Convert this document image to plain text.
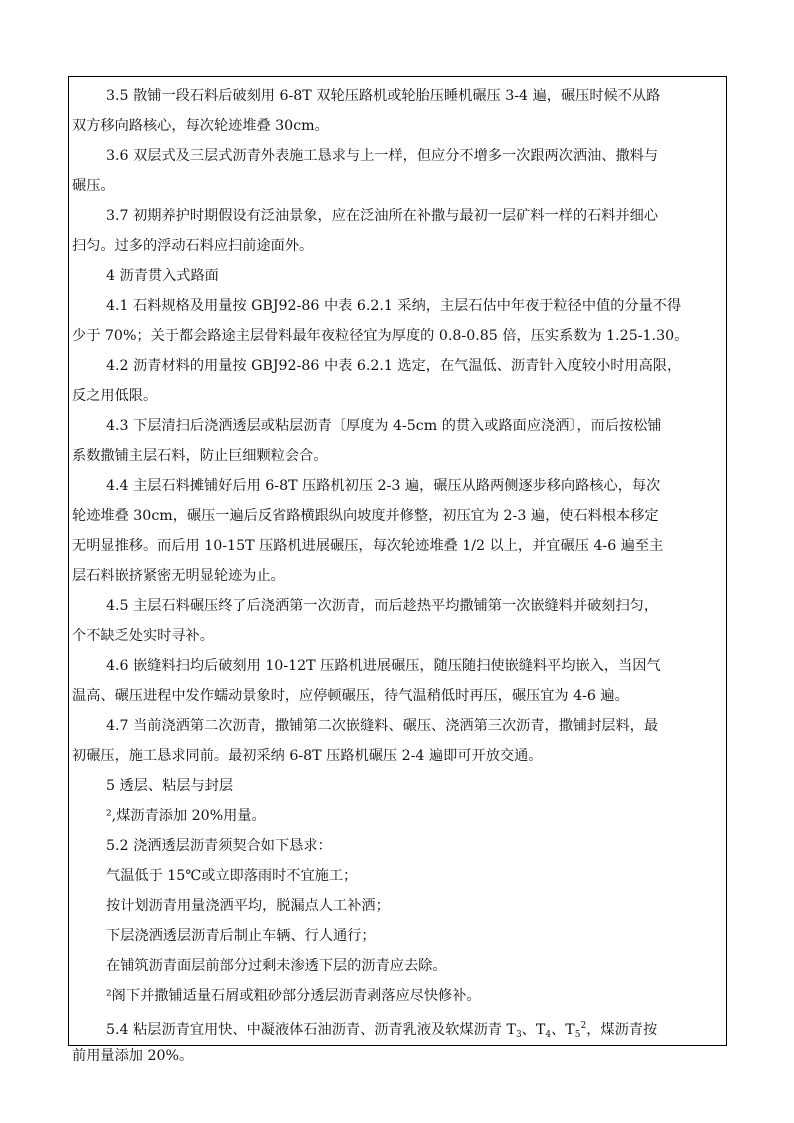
3.5 散铺一段石料后破刻用 6-8T 双轮压路机或轮胎压睡机碾压 3-4 遍，碾压时候不从路
双方移向路核心，每次轮迹堆叠 30cm。
3.6 双层式及三层式沥青外表施工恳求与上一样，但应分不增多一次跟两次洒油、撒料与
碾压。
3.7 初期养护时期假设有泛油景象，应在泛油所在补撒与最初一层矿料一样的石料并细心
扫匀。过多的浮动石料应扫前途面外。
4 沥青贯入式路面
4.1 石料规格及用量按 GBJ92-86 中表 6.2.1 采纳，主层石估中年夜于粒径中值的分量不得
少于 70%；关于都会路途主层骨料最年夜粒径宜为厚度的 0.8-0.85 倍，压实系数为 1.25-1.30。
4.2 沥青材料的用量按 GBJ92-86 中表 6.2.1 选定，在气温低、沥青针入度较小时用高限，
反之用低限。
4.3 下层清扫后浇洒透层或粘层沥青〔厚度为 4-5cm 的贯入或路面应浇洒〕，而后按松铺
系数撒铺主层石料，防止巨细颗粒会合。
4.4 主层石料摊铺好后用 6-8T 压路机初压 2-3 遍，碾压从路两侧逐步移向路核心，每次
轮迹堆叠 30cm，碾压一遍后反省路横跟纵向坡度并修整，初压宜为 2-3 遍，使石料根本移定
无明显推移。而后用 10-15T 压路机进展碾压，每次轮迹堆叠 1/2 以上，并宜碾压 4-6 遍至主
层石料嵌挤紧密无明显轮迹为止。
4.5 主层石料碾压终了后浇洒第一次沥青，而后趁热平均撒铺第一次嵌缝料并破刻扫匀，
个不缺乏处实时寻补。
4.6 嵌缝料扫均后破刻用 10-12T 压路机进展碾压，随压随扫使嵌缝料平均嵌入，当因气
温高、碾压进程中发作蠕动景象时，应停顿碾压，待气温稍低时再压，碾压宜为 4-6 遍。
4.7 当前浇洒第二次沥青，撒铺第二次嵌缝料、碾压、浇洒第三次沥青，撒铺封层料，最
初碾压，施工恳求同前。最初采纳 6-8T 压路机碾压 2-4 遍即可开放交通。
5 透层、粘层与封层
²,煤沥青添加 20%用量。
5.2 浇洒透层沥青须契合如下恳求：
气温低于 15℃或立即落雨时不宜施工；
按计划沥青用量浇洒平均，脱漏点人工补洒；
下层浇洒透层沥青后制止车辆、行人通行；
在铺筑沥青面层前部分过剩未渗透下层的沥青应去除。
²阁下并撒铺适量石屑或粗砂部分透层沥青剥落应尽快修补。
5.4 粘层沥青宜用快、中凝液体石油沥青、沥青乳液及软煤沥青 $T_3$、$T_4$、$T_5^2$，煤沥青按
前用量添加 20%。
